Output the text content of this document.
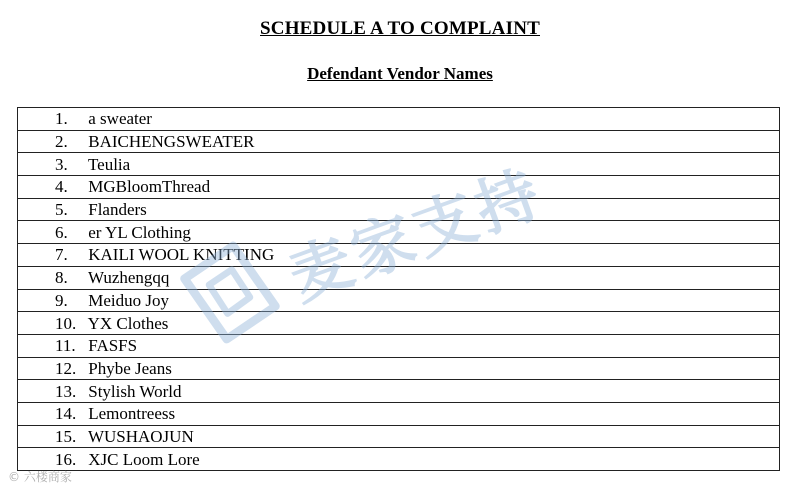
SCHEDULE A TO COMPLAINT
Defendant Vendor Names
1. a sweater
2. BAICHENGSWEATER
3. Teulia
4. MGBloomThread
5. Flanders
6. er YL Clothing
7. KAILI WOOL KNITTING
8. Wuzhengqq
9. Meiduo Joy
10. YX Clothes
11. FASFS
12. Phybe Jeans
13. Stylish World
14. Lemontreess
15. WUSHAOJUN
16. XJC Loom Lore
麦家支持
© 六楼商家
